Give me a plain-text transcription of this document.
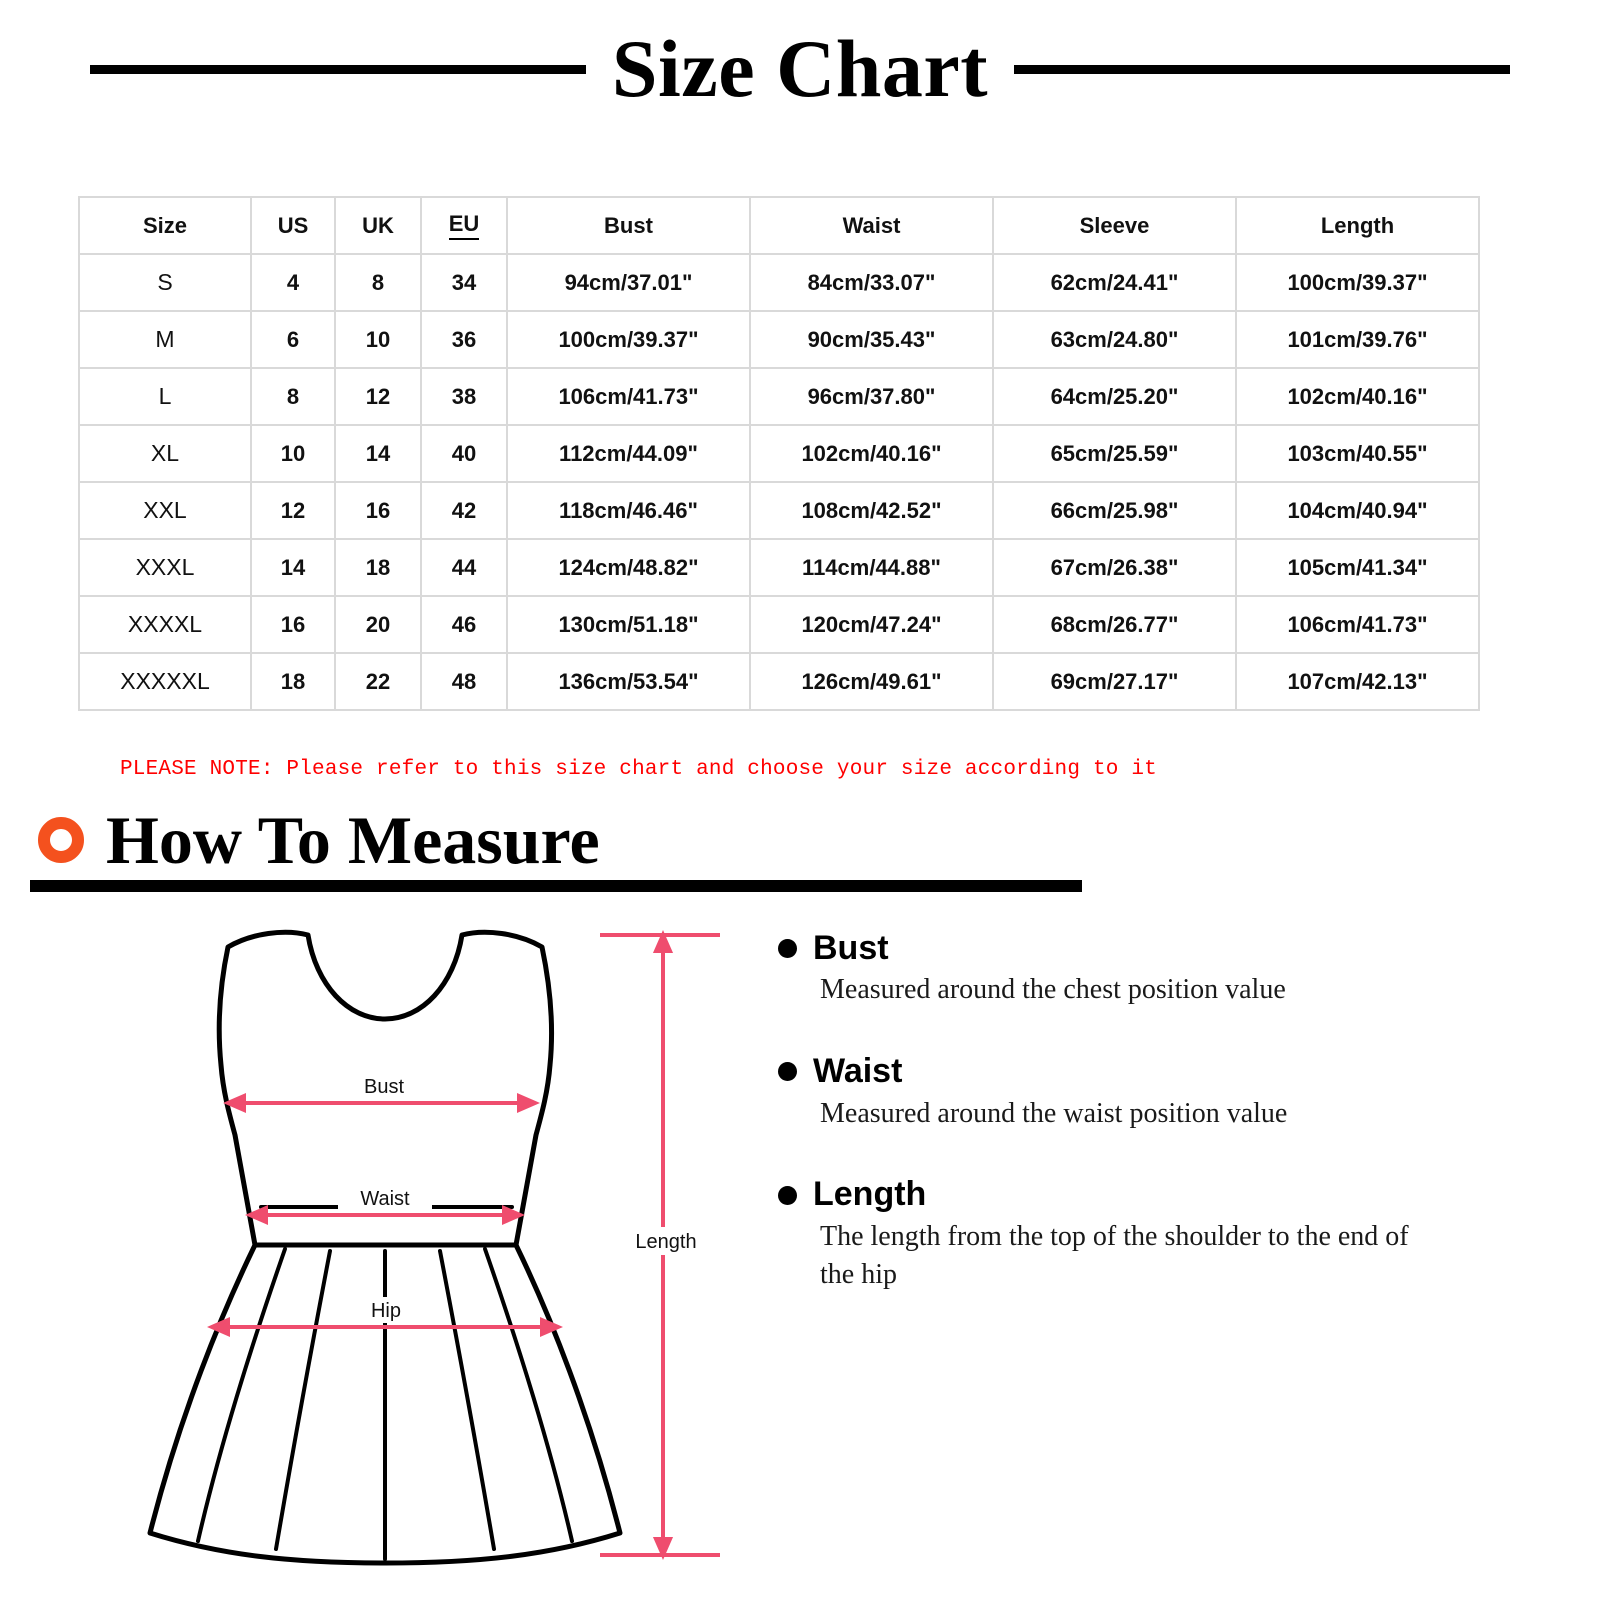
Size Chart
Size	US	UK	EU	Bust	Waist	Sleeve	Length
S	4	8	34	94cm/37.01"	84cm/33.07"	62cm/24.41"	100cm/39.37"
M	6	10	36	100cm/39.37"	90cm/35.43"	63cm/24.80"	101cm/39.76"
L	8	12	38	106cm/41.73"	96cm/37.80"	64cm/25.20"	102cm/40.16"
XL	10	14	40	112cm/44.09"	102cm/40.16"	65cm/25.59"	103cm/40.55"
XXL	12	16	42	118cm/46.46"	108cm/42.52"	66cm/25.98"	104cm/40.94"
XXXL	14	18	44	124cm/48.82"	114cm/44.88"	67cm/26.38"	105cm/41.34"
XXXXL	16	20	46	130cm/51.18"	120cm/47.24"	68cm/26.77"	106cm/41.73"
XXXXXL	18	22	48	136cm/53.54"	126cm/49.61"	69cm/27.17"	107cm/42.13"
PLEASE NOTE: Please refer to this size chart and choose your size according to it
How To Measure
Bust
Waist
Hip
Length
Bust
Measured around the chest position value
Waist
Measured around the waist position value
Length
The length from the top of the shoulder to the end of the hip
